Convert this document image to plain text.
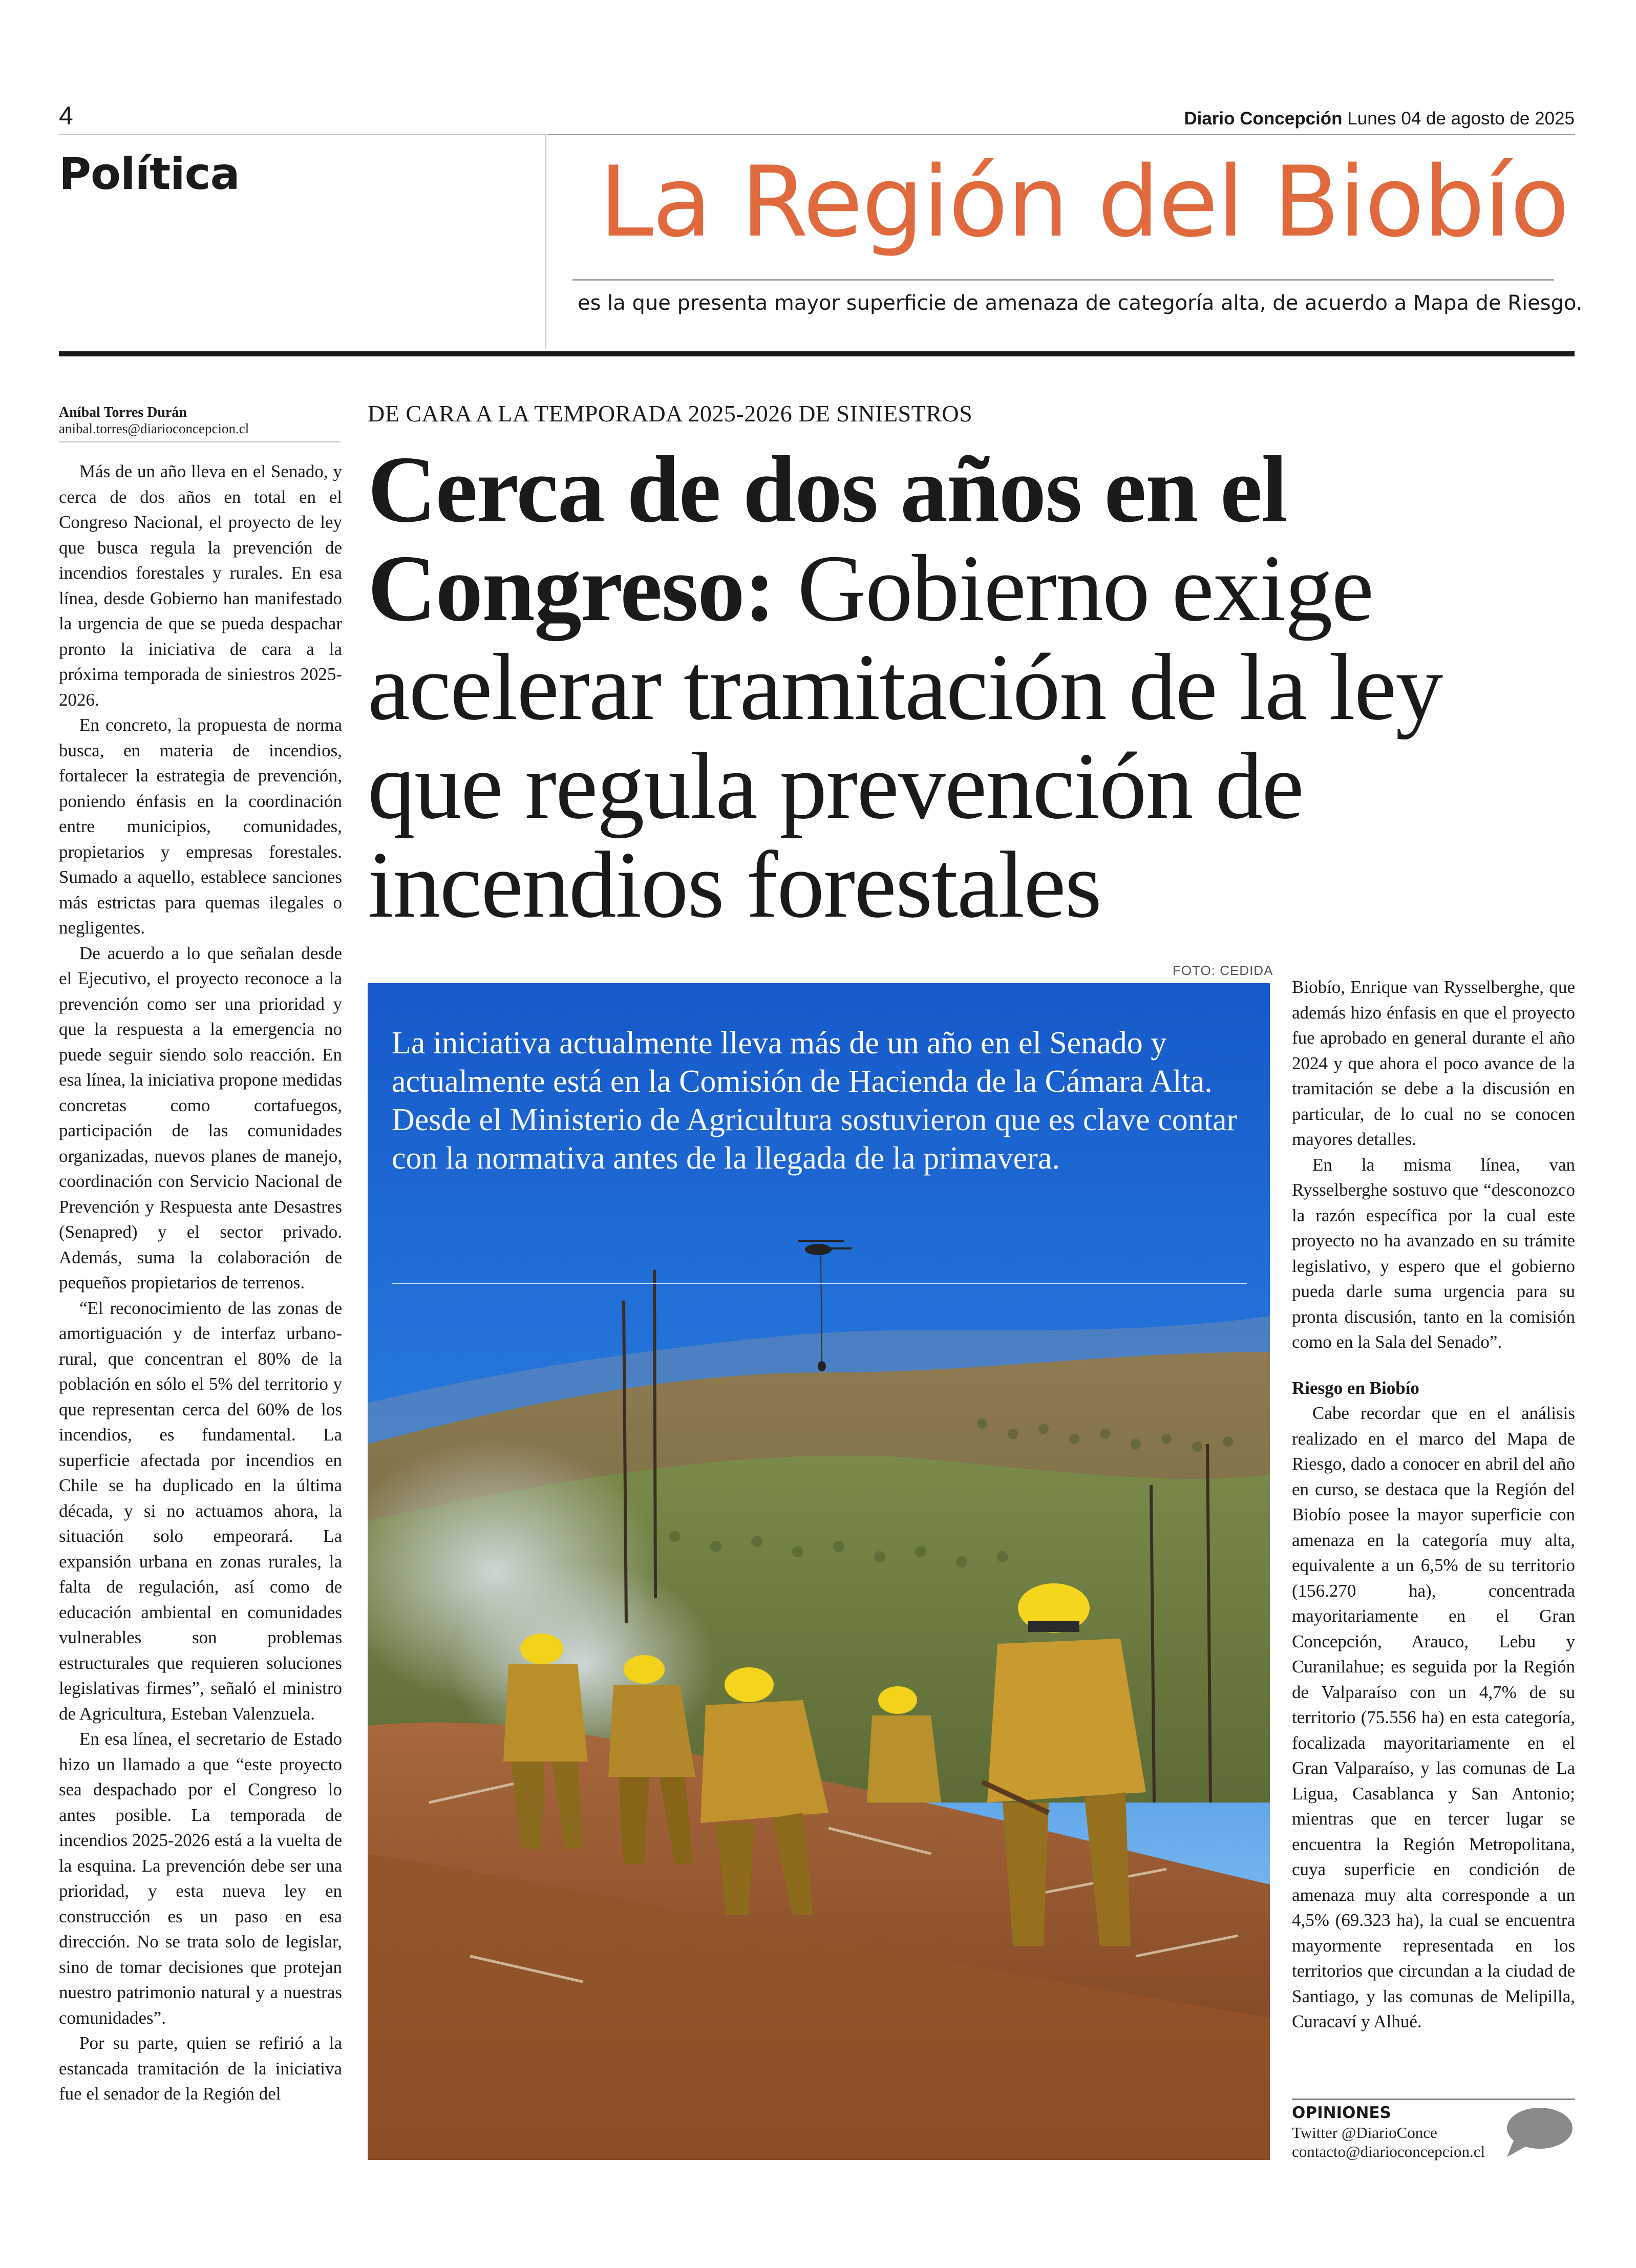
4	Diario Concepción Lunes 04 de agosto de 2025
Política	La Región del Biobío
es la que presenta mayor superficie de amenaza de categoría alta, de acuerdo a Mapa de Riesgo.
Aníbal Torres Durán
anibal.torres@diarioconcepcion.cl

Más de un año lleva en el Senado, y cerca de dos años en total en el Congreso Nacional, el proyecto de ley que busca regula la prevención de incendios forestales y rurales. En esa línea, desde Gobierno han manifestado la urgencia de que se pueda despachar pronto la iniciativa de cara a la próxima temporada de siniestros 2025-2026.

En concreto, la propuesta de norma busca, en materia de incendios, fortalecer la estrategia de prevención, poniendo énfasis en la coordinación entre municipios, comunidades, propietarios y empresas forestales. Sumado a aquello, establece sanciones más estrictas para quemas ilegales o negligentes.

De acuerdo a lo que señalan desde el Ejecutivo, el proyecto reconoce a la prevención como ser una prioridad y que la respuesta a la emergencia no puede seguir siendo solo reacción. En esa línea, la iniciativa propone medidas concretas como cortafuegos, participación de las comunidades organizadas, nuevos planes de manejo, coordinación con Servicio Nacional de Prevención y Respuesta ante Desastres (Senapred) y el sector privado. Además, suma la colaboración de pequeños propietarios de terrenos.

“El reconocimiento de las zonas de amortiguación y de interfaz urbano-rural, que concentran el 80% de la población en sólo el 5% del territorio y que representan cerca del 60% de los incendios, es fundamental. La superficie afectada por incendios en Chile se ha duplicado en la última década, y si no actuamos ahora, la situación solo empeorará. La expansión urbana en zonas rurales, la falta de regulación, así como de educación ambiental en comunidades vulnerables son problemas estructurales que requieren soluciones legislativas firmes”, señaló el ministro de Agricultura, Esteban Valenzuela.

En esa línea, el secretario de Estado hizo un llamado a que “este proyecto sea despachado por el Congreso lo antes posible. La temporada de incendios 2025-2026 está a la vuelta de la esquina. La prevención debe ser una prioridad, y esta nueva ley en construcción es un paso en esa dirección. No se trata solo de legislar, sino de tomar decisiones que protejan nuestro patrimonio natural y a nuestras comunidades”.

Por su parte, quien se refirió a la estancada tramitación de la iniciativa fue el senador de la Región del

DE CARA A LA TEMPORADA 2025-2026 DE SINIESTROS
Cerca de dos años en el Congreso: Gobierno exige acelerar tramitación de la ley que regula prevención de incendios forestales
FOTO: CEDIDA
La iniciativa actualmente lleva más de un año en el Senado y actualmente está en la Comisión de Hacienda de la Cámara Alta. Desde el Ministerio de Agricultura sostuvieron que es clave contar con la normativa antes de la llegada de la primavera.

Biobío, Enrique van Rysselberghe, que además hizo énfasis en que el proyecto fue aprobado en general durante el año 2024 y que ahora el poco avance de la tramitación se debe a la discusión en particular, de lo cual no se conocen mayores detalles.

En la misma línea, van Rysselberghe sostuvo que “desconozco la razón específica por la cual este proyecto no ha avanzado en su trámite legislativo, y espero que el gobierno pueda darle suma urgencia para su pronta discusión, tanto en la comisión como en la Sala del Senado”.

Riesgo en Biobío

Cabe recordar que en el análisis realizado en el marco del Mapa de Riesgo, dado a conocer en abril del año en curso, se destaca que la Región del Biobío posee la mayor superficie con amenaza en la categoría muy alta, equivalente a un 6,5% de su territorio (156.270 ha), concentrada mayoritariamente en el Gran Concepción, Arauco, Lebu y Curanilahue; es seguida por la Región de Valparaíso con un 4,7% de su territorio (75.556 ha) en esta categoría, focalizada mayoritariamente en el Gran Valparaíso, y las comunas de La Ligua, Casablanca y San Antonio; mientras que en tercer lugar se encuentra la Región Metropolitana, cuya superficie en condición de amenaza muy alta corresponde a un 4,5% (69.323 ha), la cual se encuentra mayormente representada en los territorios que circundan a la ciudad de Santiago, y las comunas de Melipilla, Curacaví y Alhué.

OPINIONES
Twitter @DiarioConce
contacto@diarioconcepcion.cl
